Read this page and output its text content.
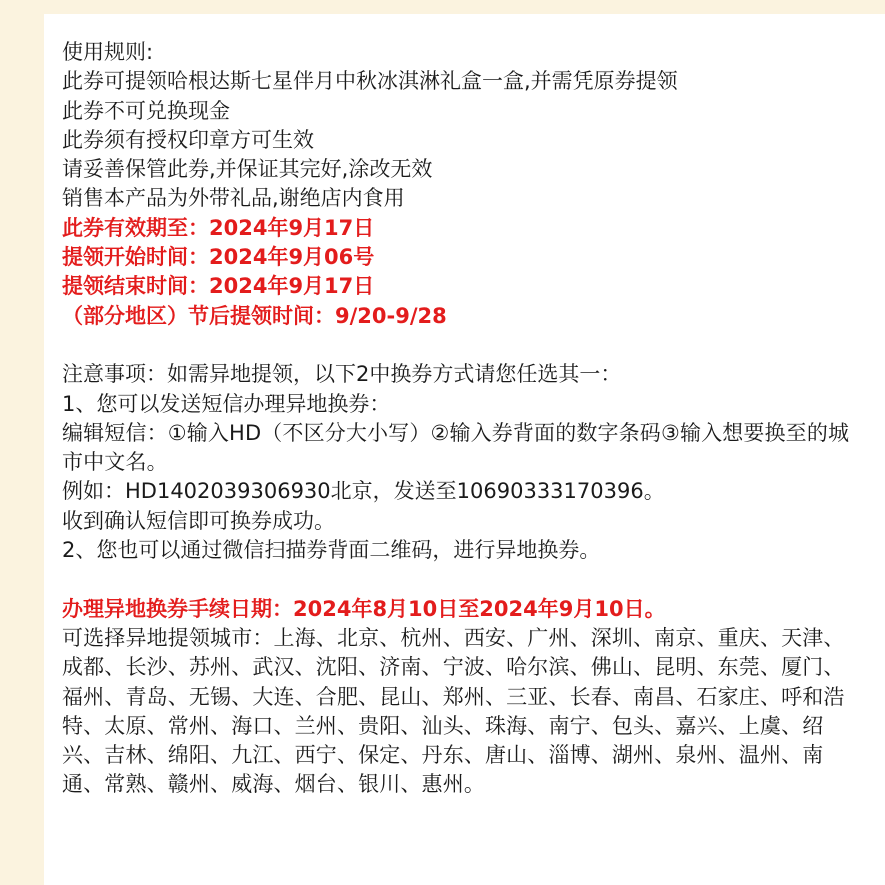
使用规则:
此券可提领哈根达斯七星伴月中秋冰淇淋礼盒一盒,并需凭原券提领
此券不可兑换现金
此券须有授权印章方可生效
请妥善保管此券,并保证其完好,涂改无效
销售本产品为外带礼品,谢绝店内食用
此券有效期至：2024年9月17日
提领开始时间：2024年9月06号
提领结束时间：2024年9月17日
（部分地区）节后提领时间：9/20-9/28
注意事项：如需异地提领，以下2中换券方式请您任选其一：
1、您可以发送短信办理异地换券：
编辑短信：①输入HD（不区分大小写）②输入券背面的数字条码③输入想要换至的城市中文名。
例如：HD1402039306930北京，发送至10690333170396。
收到确认短信即可换券成功。
2、您也可以通过微信扫描券背面二维码，进行异地换券。
办理异地换券手续日期：2024年8月10日至2024年9月10日。
可选择异地提领城市：上海、北京、杭州、西安、广州、深圳、南京、重庆、天津、成都、长沙、苏州、武汉、沈阳、济南、宁波、哈尔滨、佛山、昆明、东莞、厦门、福州、青岛、无锡、大连、合肥、昆山、郑州、三亚、长春、南昌、石家庄、呼和浩特、太原、常州、海口、兰州、贵阳、汕头、珠海、南宁、包头、嘉兴、上虞、绍兴、吉林、绵阳、九江、西宁、保定、丹东、唐山、淄博、湖州、泉州、温州、南通、常熟、赣州、威海、烟台、银川、惠州。
